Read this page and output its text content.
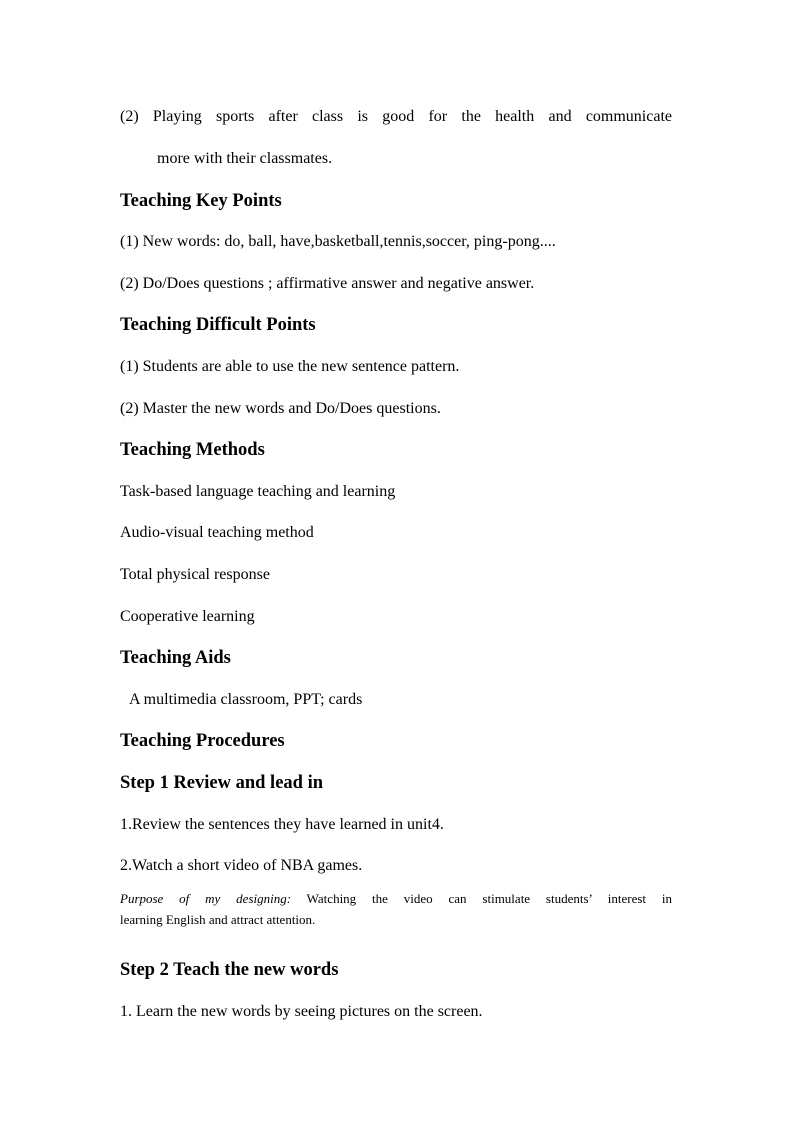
(2) Playing sports after class is good for the health and communicate
more with their classmates.
Teaching Key Points
(1) New words: do, ball, have,basketball,tennis,soccer, ping-pong....
(2) Do/Does questions ; affirmative answer and negative answer.
Teaching Difficult Points
(1) Students are able to use the new sentence pattern.
(2) Master the new words and Do/Does questions.
Teaching Methods
Task-based language teaching and learning
Audio-visual teaching method
Total physical response
Cooperative learning
Teaching Aids
A multimedia classroom, PPT; cards
Teaching Procedures
Step 1 Review and lead in
1.Review the sentences they have learned in unit4.
2.Watch a short video of NBA games.
Purpose of my designing: Watching the video can stimulate students’ interest in
learning English and attract attention.
Step 2 Teach the new words
1. Learn the new words by seeing pictures on the screen.
